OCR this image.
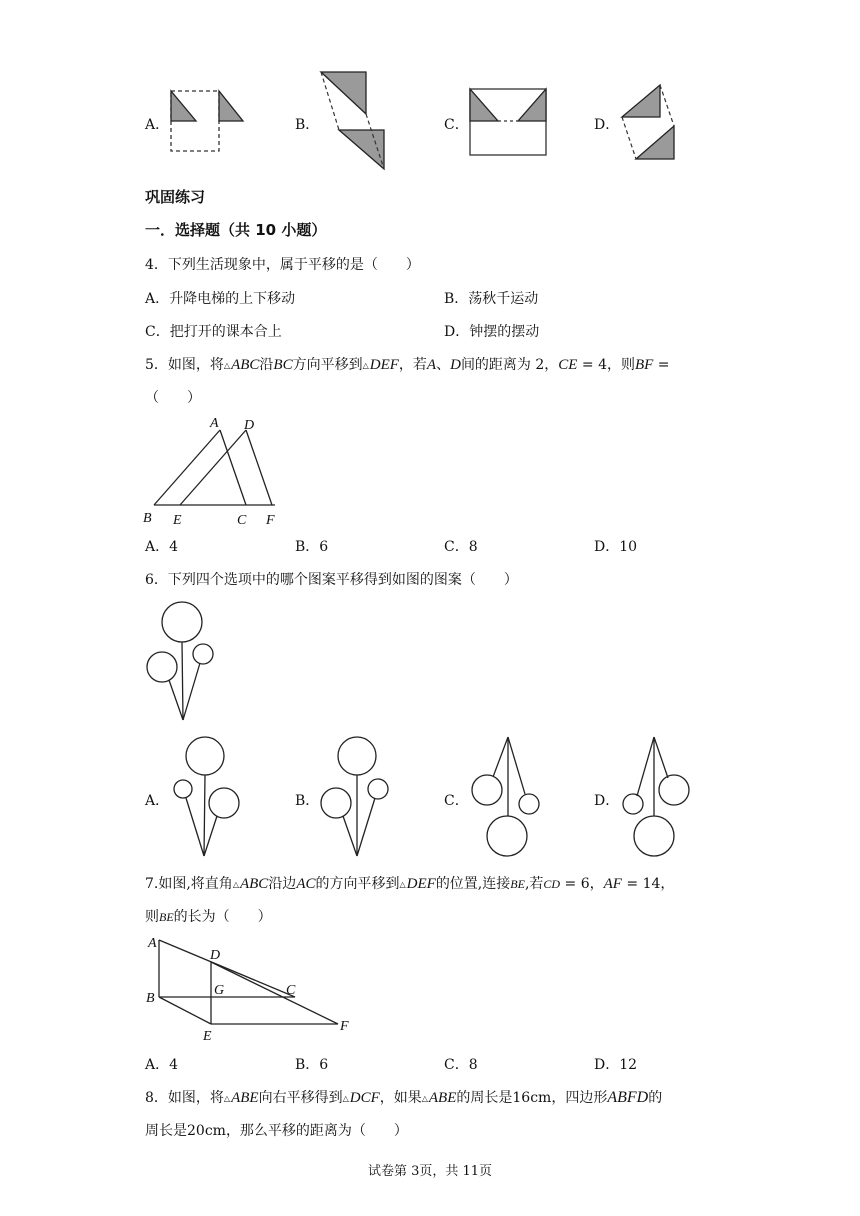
A．	B．	C．	D．
巩固练习
一．选择题（共 10 小题）
4．下列生活现象中，属于平移的是（　　）
A．升降电梯的上下移动	B．荡秋千运动
C．把打开的课本合上	D．钟摆的摆动
5．如图，将△ABC沿BC方向平移到△DEF，若A、D间的距离为 2，CE = 4，则BF =
（　　）
A D
B E	C F
A．4	B．6	C．8	D．10
6．下列四个选项中的哪个图案平移得到如图的图案（　　）
A．	B．	C．	D．
7.如图,将直角△ABC沿边AC的方向平移到△DEF的位置,连接BE,若CD = 6，AF = 14，
则BE的长为（　　）
A
D
B
G	C
E
F
A．4	B．6	C．8	D．12
8．如图，将△ABE向右平移得到△DCF，如果△ABE的周长是16cm，四边形ABFD的
周长是20cm，那么平移的距离为（　　）
试卷第 3页，共 11页
